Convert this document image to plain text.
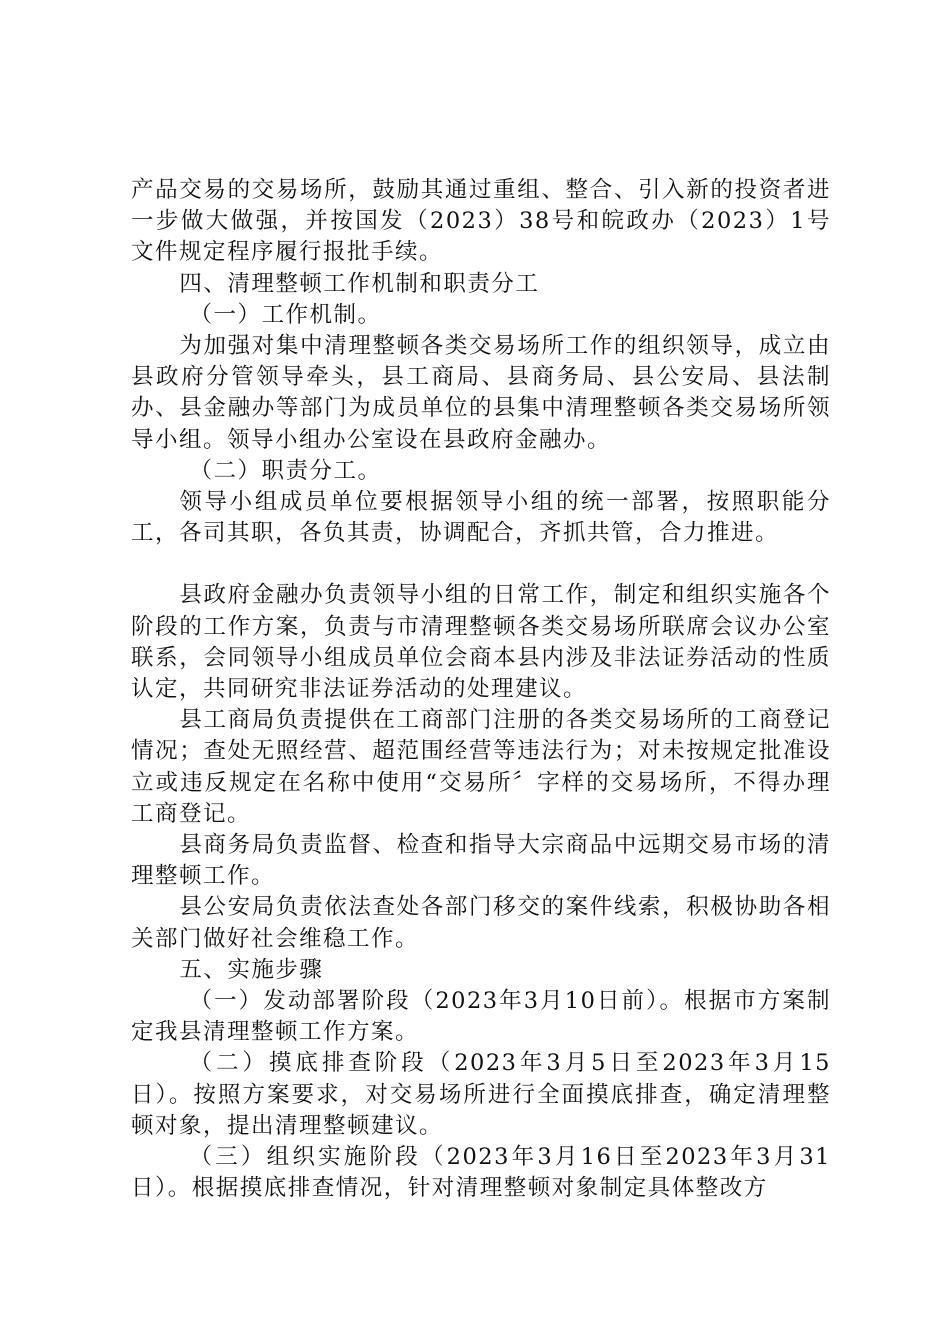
产品交易的交易场所，鼓励其通过重组、整合、引入新的投资者进一步做大做强，并按国发（2023）38号和皖政办（2023）1号文件规定程序履行报批手续。

四、清理整顿工作机制和职责分工

（一）工作机制。

为加强对集中清理整顿各类交易场所工作的组织领导，成立由县政府分管领导牵头，县工商局、县商务局、县公安局、县法制办、县金融办等部门为成员单位的县集中清理整顿各类交易场所领导小组。领导小组办公室设在县政府金融办。

（二）职责分工。

领导小组成员单位要根据领导小组的统一部署，按照职能分工，各司其职，各负其责，协调配合，齐抓共管，合力推进。

县政府金融办负责领导小组的日常工作，制定和组织实施各个阶段的工作方案，负责与市清理整顿各类交易场所联席会议办公室联系，会同领导小组成员单位会商本县内涉及非法证券活动的性质认定，共同研究非法证券活动的处理建议。

县工商局负责提供在工商部门注册的各类交易场所的工商登记情况；查处无照经营、超范围经营等违法行为；对未按规定批准设立或违反规定在名称中使用“交易所〞字样的交易场所，不得办理工商登记。

县商务局负责监督、检查和指导大宗商品中远期交易市场的清理整顿工作。

县公安局负责依法查处各部门移交的案件线索，积极协助各相关部门做好社会维稳工作。

五、实施步骤

（一）发动部署阶段（2023年3月10日前）。根据市方案制定我县清理整顿工作方案。

（二）摸底排查阶段（2023年3月5日至2023年3月15日）。按照方案要求，对交易场所进行全面摸底排查，确定清理整顿对象，提出清理整顿建议。

（三）组织实施阶段（2023年3月16日至2023年3月31日）。根据摸底排查情况，针对清理整顿对象制定具体整改方
